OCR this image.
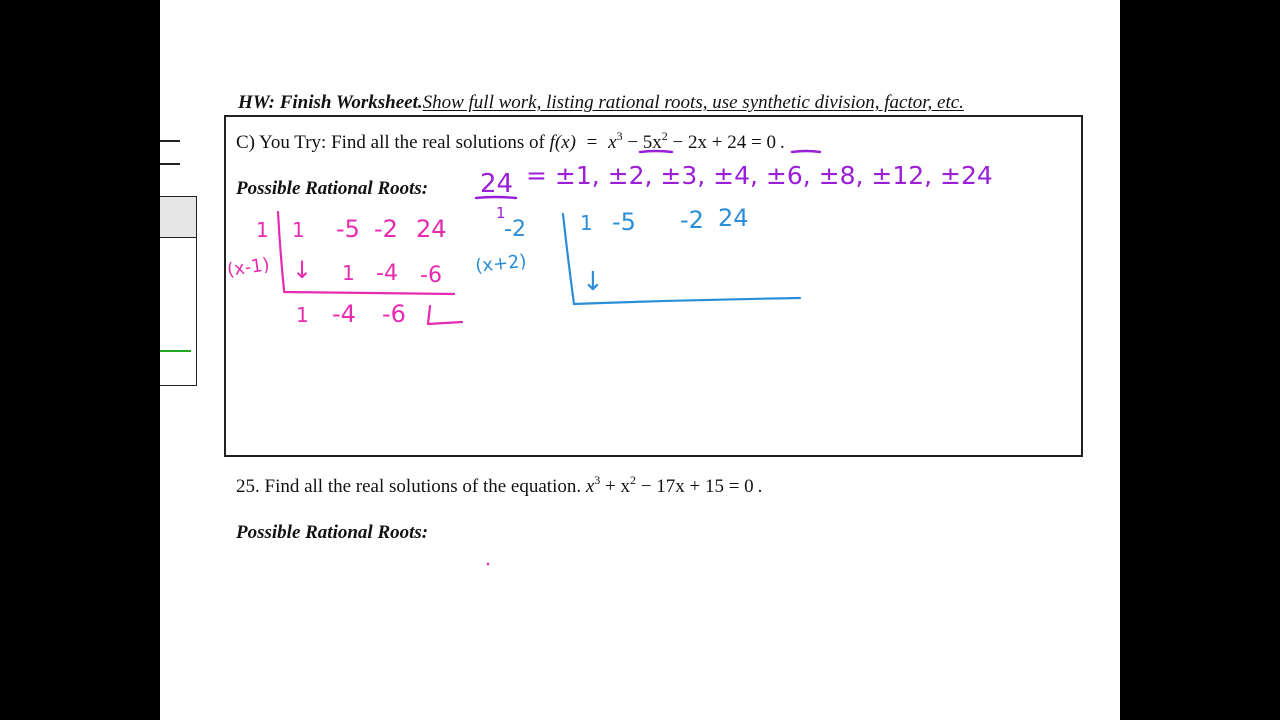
HW: Finish Worksheet.Show full work, listing rational roots, use synthetic division, factor, etc.
C) You Try: Find all the real solutions of $f(x) = x^3 - 5x^2 - 2x + 24 = 0$ .
Possible Rational Roots:
25. Find all the real solutions of the equation. $x^3 + x^2 - 17x + 15 = 0$ .
Possible Rational Roots:
24
1
= ±1, ±2, ±3, ±4, ±6, ±8, ±12, ±24
1 1 -5 -2 24
(x-1) ↓ 1 -4 -6
1 -4 -6
-2	1 -5 -2 24
(x+2)
↓
